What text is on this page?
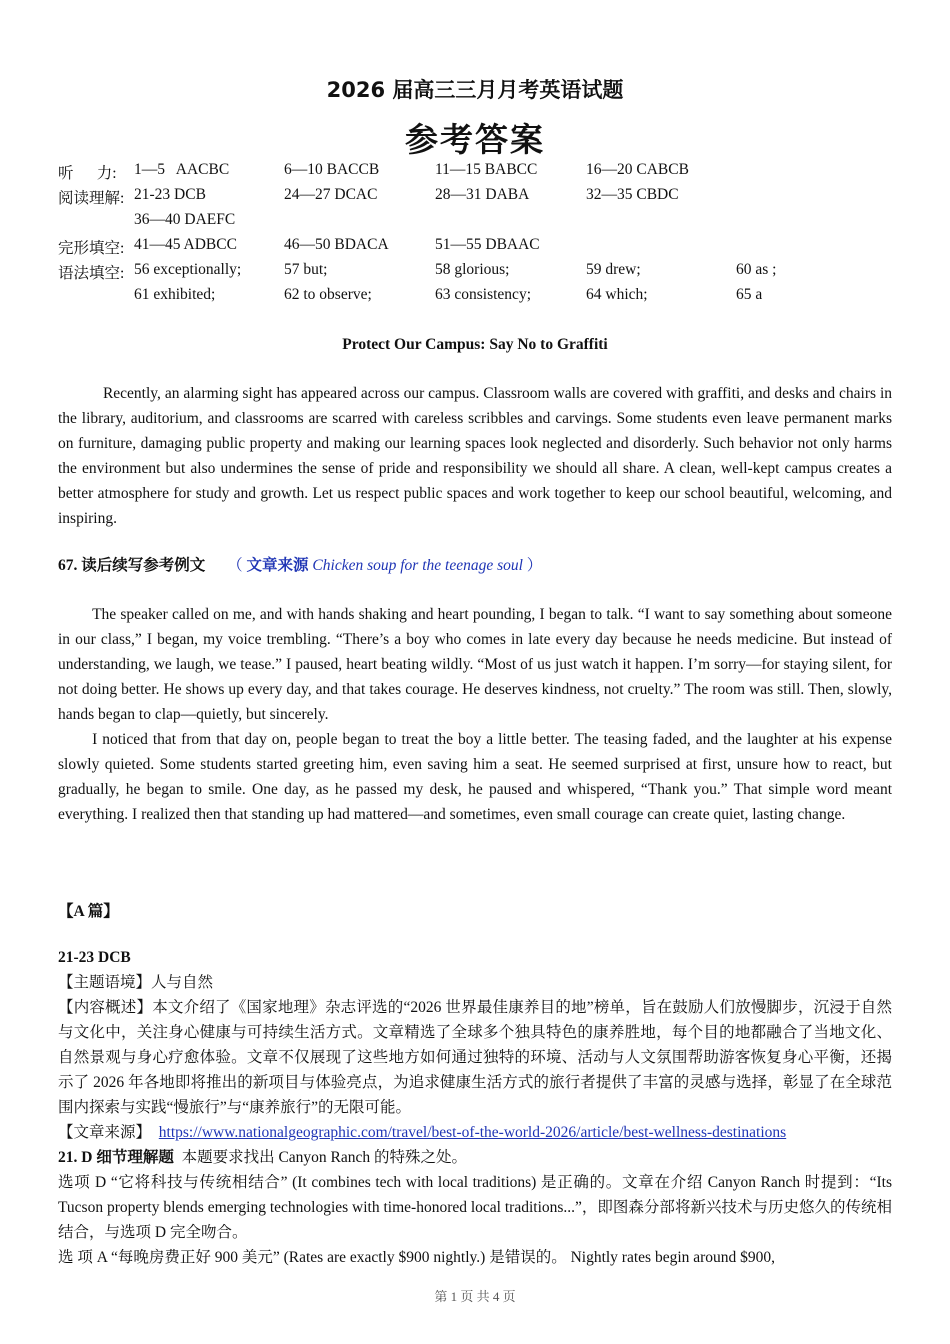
2026 届高三三月月考英语试题
参考答案
听      力: 1—5   AACBC	6—10 BACCB	11—15 BABCC	16—20 CABCB
阅读理解: 21-23 DCB	24—27 DCAC	28—31 DABA	32—35 CBDC
36—40 DAEFC
完形填空: 41—45 ADBCC	46—50 BDACA	51—55 DBAAC
语法填空: 56 exceptionally;	57 but;	58 glorious;	59 drew;	60 as ;
61 exhibited;	62 to observe;	63 consistency;	64 which;	65 a
Protect Our Campus: Say No to Graffiti

Recently, an alarming sight has appeared across our campus. Classroom walls are covered with graffiti, and desks and chairs in the library, auditorium, and classrooms are scarred with careless scribbles and carvings. Some students even leave permanent marks on furniture, damaging public property and making our learning spaces look neglected and disorderly. Such behavior not only harms the environment but also undermines the sense of pride and responsibility we should all share. A clean, well-kept campus creates a better atmosphere for study and growth. Let us respect public spaces and work together to keep our school beautiful, welcoming, and inspiring.

67. 读后续写参考例文 （ 文章来源 Chicken soup for the teenage soul ）

The speaker called on me, and with hands shaking and heart pounding, I began to talk. “I want to say something about someone in our class,” I began, my voice trembling. “There’s a boy who comes in late every day because he needs medicine. But instead of understanding, we laugh, we tease.” I paused, heart beating wildly. “Most of us just watch it happen. I’m sorry—for staying silent, for not doing better. He shows up every day, and that takes courage. He deserves kindness, not cruelty.” The room was still. Then, slowly, hands began to clap—quietly, but sincerely.

I noticed that from that day on, people began to treat the boy a little better. The teasing faded, and the laughter at his expense slowly quieted. Some students started greeting him, even saving him a seat. He seemed surprised at first, unsure how to react, but gradually, he began to smile. One day, as he passed my desk, he paused and whispered, “Thank you.” That simple word meant everything. I realized then that standing up had mattered—and sometimes, even small courage can create quiet, lasting change.

【A 篇】

21-23 DCB

【主题语境】人与自然

【内容概述】本文介绍了《国家地理》杂志评选的“2026 世界最佳康养目的地”榜单，旨在鼓励人们放慢脚步，沉浸于自然与文化中，关注身心健康与可持续生活方式。文章精选了全球多个独具特色的康养胜地，每个目的地都融合了当地文化、自然景观与身心疗愈体验。文章不仅展现了这些地方如何通过独特的环境、活动与人文氛围帮助游客恢复身心平衡，还揭示了 2026 年各地即将推出的新项目与体验亮点，为追求健康生活方式的旅行者提供了丰富的灵感与选择，彰显了在全球范围内探索与实践“慢旅行”与“康养旅行”的无限可能。

【文章来源】 https://www.nationalgeographic.com/travel/best-of-the-world-2026/article/best-wellness-destinations

21. D 细节理解题 本题要求找出 Canyon Ranch 的特殊之处。

选项 D “它将科技与传统相结合” (It combines tech with local traditions) 是正确的。文章在介绍 Canyon Ranch 时提到：“Its Tucson property blends emerging technologies with time-honored local traditions...”，即图森分部将新兴技术与历史悠久的传统相结合，与选项 D 完全吻合。

选 项 A “每晚房费正好 900 美元” (Rates are exactly $900 nightly.) 是错误的。 Nightly rates begin around $900,

第 1 页 共 4 页
